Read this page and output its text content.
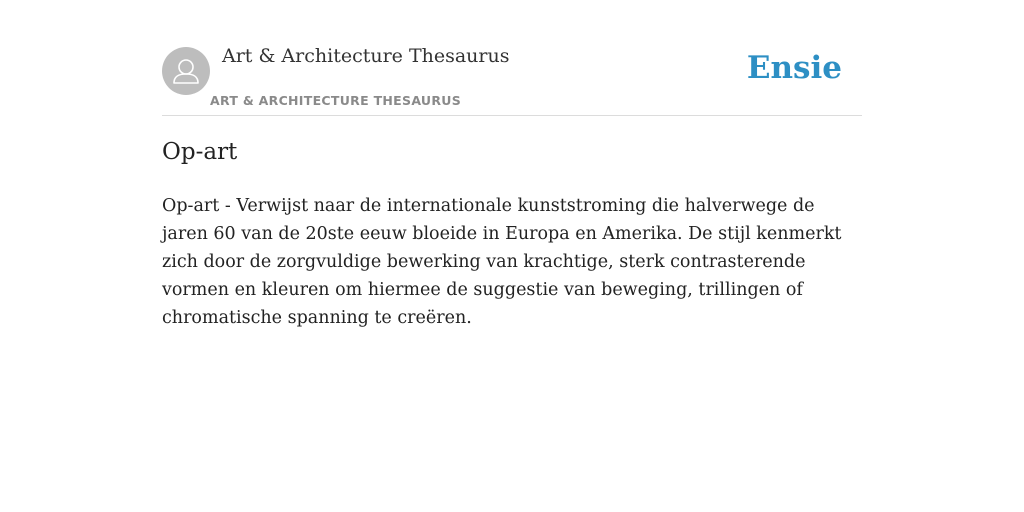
Art & Architecture Thesaurus
ART & ARCHITECTURE THESAURUS
Ensie
Op-art

Op-art - Verwijst naar de internationale kunststroming die halverwege de jaren 60 van de 20ste eeuw bloeide in Europa en Amerika. De stijl kenmerkt zich door de zorgvuldige bewerking van krachtige, sterk contrasterende vormen en kleuren om hiermee de suggestie van beweging, trillingen of chromatische spanning te creëren.
